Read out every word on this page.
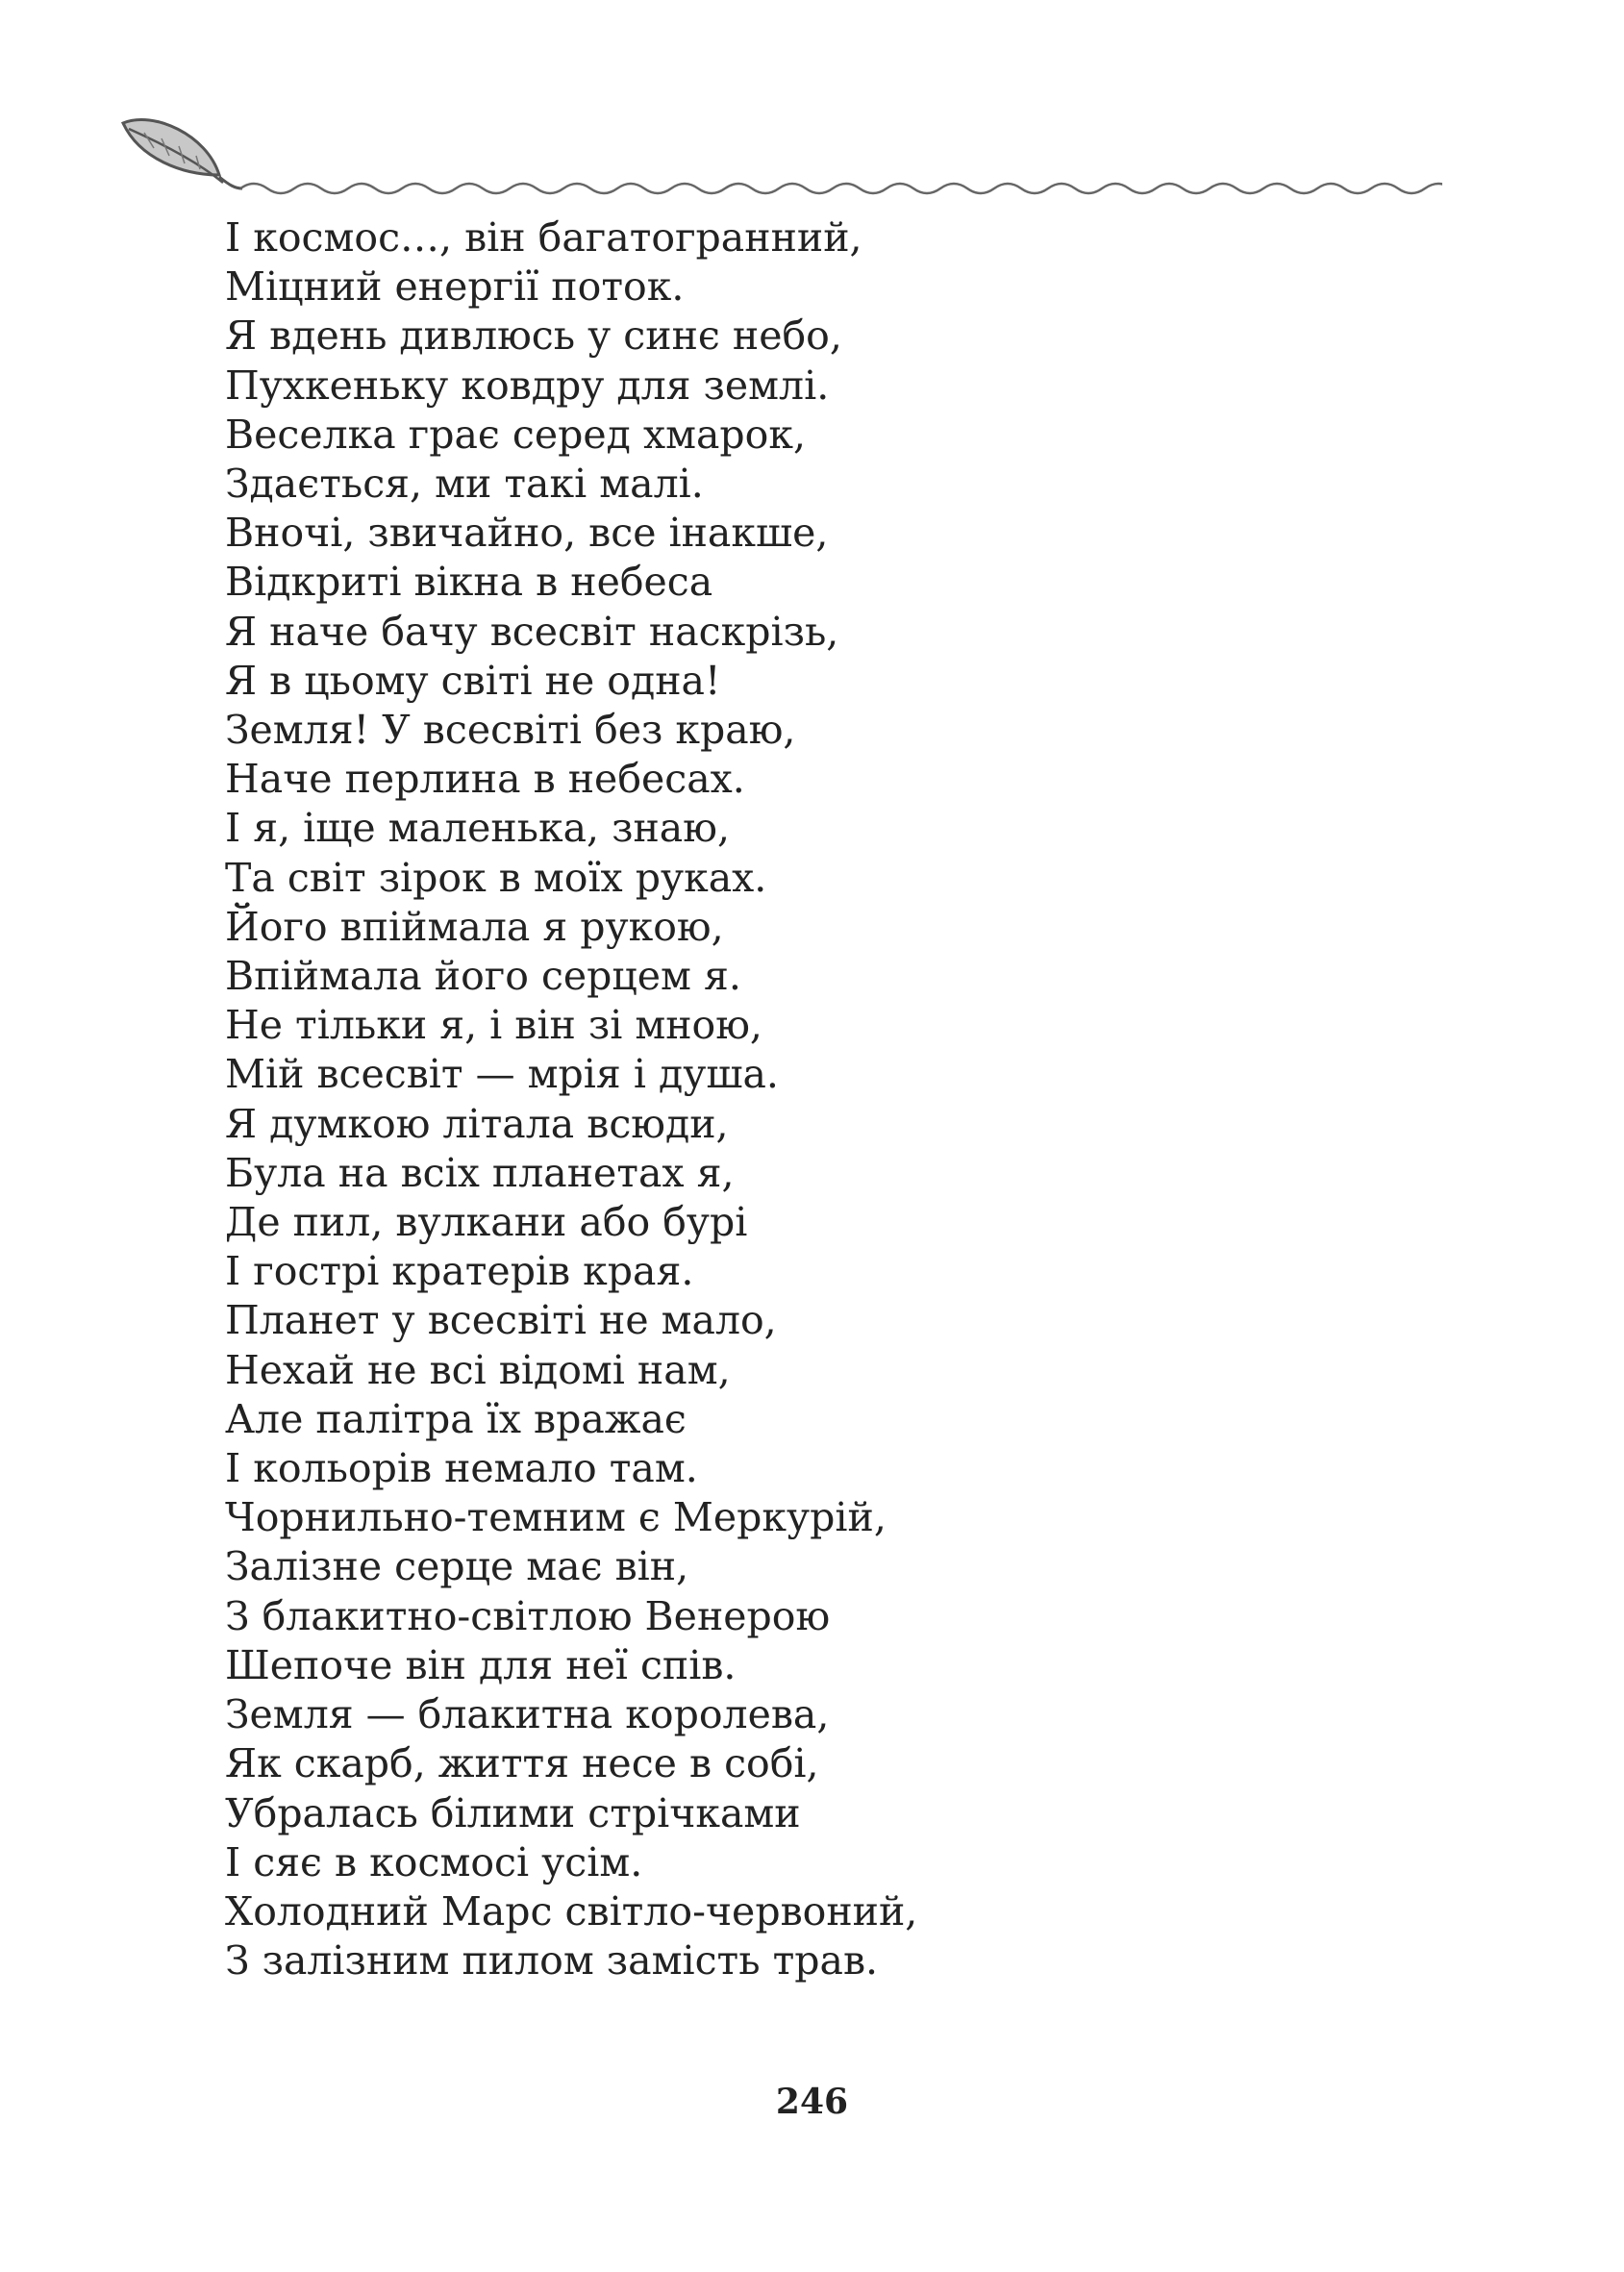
І космос…, він багатогранний,
Міцний енергії поток.
Я вдень дивлюсь у синє небо,
Пухкеньку ковдру для землі.
Веселка грає серед хмарок,
Здається, ми такі малі.
Вночі, звичайно, все інакше,
Відкриті вікна в небеса
Я наче бачу всесвіт наскрізь,
Я в цьому світі не одна!
Земля! У всесвіті без краю,
Наче перлина в небесах.
І я, іще маленька, знаю,
Та світ зірок в моїх руках.
Його впіймала я рукою,
Впіймала його серцем я.
Не тільки я, і він зі мною,
Мій всесвіт — мрія і душа.
Я думкою літала всюди,
Була на всіх планетах я,
Де пил, вулкани або бурі
І гострі кратерів края.
Планет у всесвіті не мало,
Нехай не всі відомі нам,
Але палітра їх вражає
І кольорів немало там.
Чорнильно-темним є Меркурій,
Залізне серце має він,
З блакитно-світлою Венерою
Шепоче він для неї спів.
Земля — блакитна королева,
Як скарб, життя несе в собі,
Убралась білими стрічками
І сяє в космосі усім.
Холодний Марс світло-червоний,
З залізним пилом замість трав.
246
